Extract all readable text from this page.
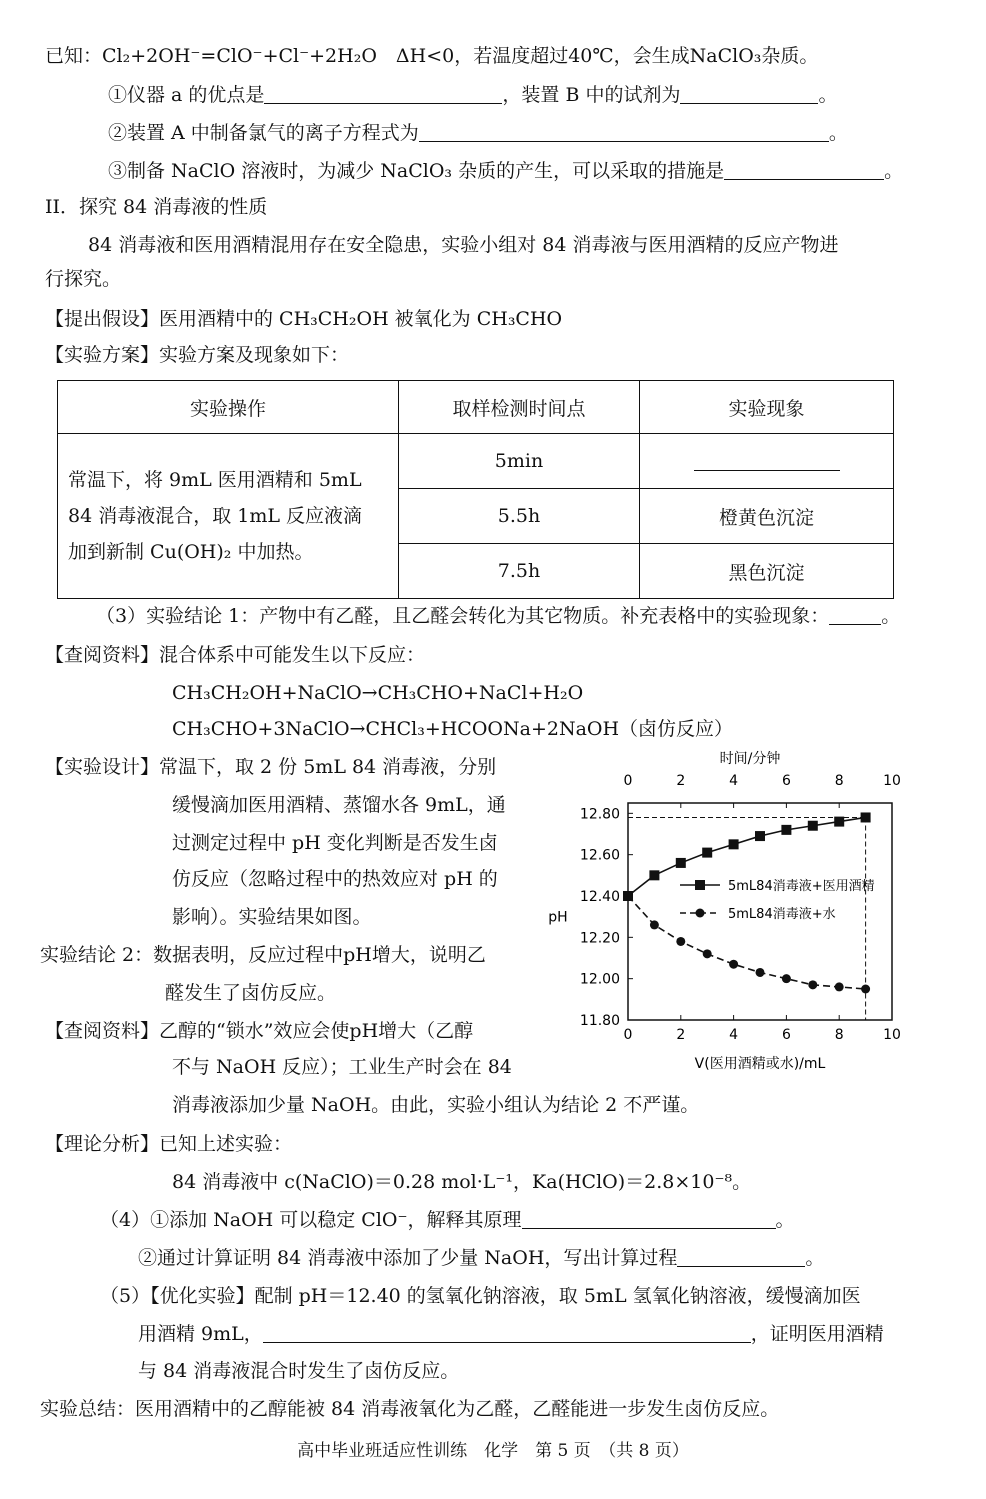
已知：Cl₂+2OH⁻=ClO⁻+Cl⁻+2H₂O　ΔH<0，若温度超过40℃，会生成NaClO₃杂质。
①仪器 a 的优点是	，装置 B 中的试剂为	。
②装置 A 中制备氯气的离子方程式为	。
③制备 NaClO 溶液时，为减少 NaClO₃ 杂质的产生，可以采取的措施是	。
II．探究 84 消毒液的性质
84 消毒液和医用酒精混用存在安全隐患，实验小组对 84 消毒液与医用酒精的反应产物进
行探究。
【提出假设】医用酒精中的 CH₃CH₂OH 被氧化为 CH₃CHO
【实验方案】实验方案及现象如下：
实验操作	取样检测时间点	实验现象

常温下，将 9mL 医用酒精和 5mL
84 消毒液混合，取 1mL 反应液滴
加到新制 Cu(OH)₂ 中加热。	5min	
	5.5h	橙黄色沉淀
	7.5h	黑色沉淀
（3）实验结论 1：产物中有乙醛，且乙醛会转化为其它物质。补充表格中的实验现象：	。
【查阅资料】混合体系中可能发生以下反应：
CH₃CH₂OH+NaClO→CH₃CHO+NaCl+H₂O
CH₃CHO+3NaClO→CHCl₃+HCOONa+2NaOH（卤仿反应）
【实验设计】常温下，取 2 份 5mL 84 消毒液，分别
缓慢滴加医用酒精、蒸馏水各 9mL，通
过测定过程中 pH 变化判断是否发生卤
仿反应（忽略过程中的热效应对 pH 的
影响）。实验结果如图。
实验结论 2：数据表明，反应过程中pH增大，说明乙
醛发生了卤仿反应。
【查阅资料】乙醇的“锁水”效应会使pH增大（乙醇
不与 NaOH 反应）；工业生产时会在 84
消毒液添加少量 NaOH。由此，实验小组认为结论 2 不严谨。
【理论分析】已知上述实验：
84 消毒液中 c(NaClO)＝0.28 mol·L⁻¹，Ka(HClO)＝2.8×10⁻⁸。
（4）①添加 NaOH 可以稳定 ClO⁻，解释其原理	。
②通过计算证明 84 消毒液中添加了少量 NaOH，写出计算过程	。
（5）【优化实验】配制 pH＝12.40 的氢氧化钠溶液，取 5mL 氢氧化钠溶液，缓慢滴加医
用酒精 9mL，	，证明医用酒精
与 84 消毒液混合时发生了卤仿反应。
实验总结：医用酒精中的乙醇能被 84 消毒液氧化为乙醛，乙醛能进一步发生卤仿反应。
高中毕业班适应性训练　化学　第 5 页　（共 8 页）
时间/分钟
0	2	4	6	8	10
0	2	4	6	8	10
V(医用酒精或水)/mL
11.80
12.00
12.20
12.40
12.60
12.80
pH
5mL84消毒液+医用酒精
5mL84消毒液+水
